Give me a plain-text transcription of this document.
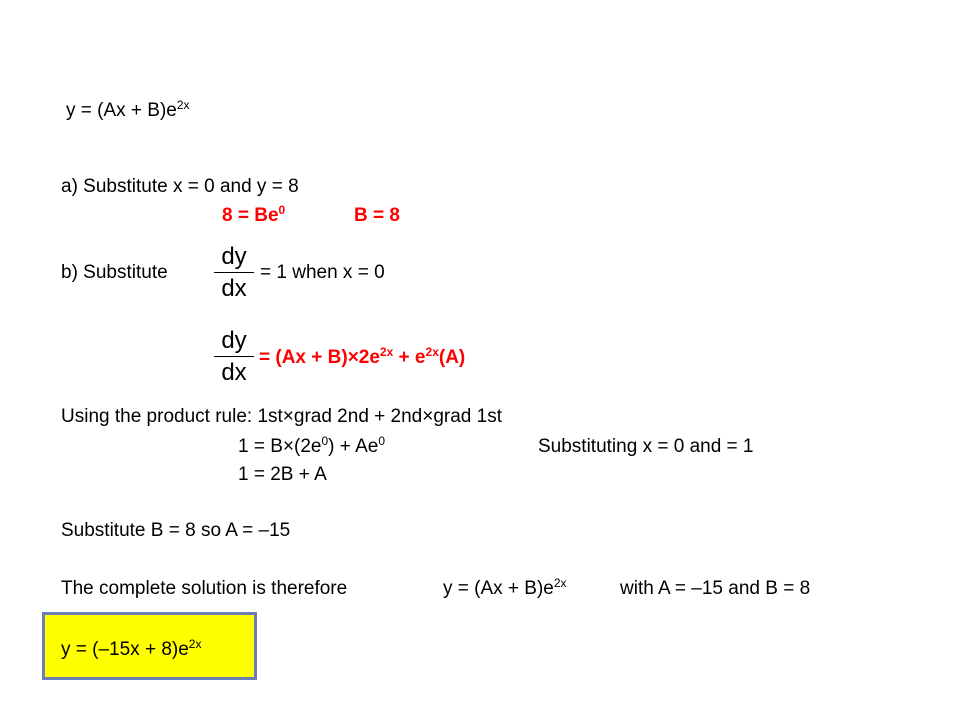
$y = (Ax + B)e^{2x}$
a) Substitute x = 0 and y = 8
$8 = Be^0$	B = 8
b) Substitute
dy
dx
= 1 when x = 0
dy
dx
= $(Ax + B)\times 2e^{2x} + e^{2x}(A)$
Using the product rule: 1st×grad 2nd + 2nd×grad 1st
$1 = B\times(2e^0) + Ae^0$	Substituting x = 0 and = 1
1 = 2B + A
Substitute B = 8 so A = –15
The complete solution is therefore	$y = (Ax + B)e^{2x}$	with A = –15 and B = 8
$y = (-15x + 8)e^{2x}$
